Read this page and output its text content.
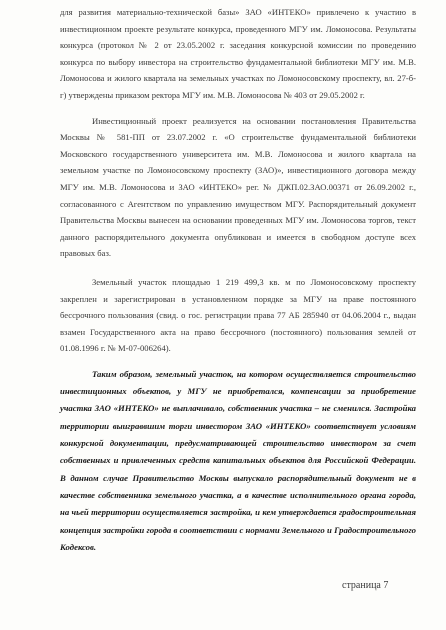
для развития материально-технической базы» ЗАО «ИНТЕКО» привлечено к участию в инвестиционном проекте результате конкурса, проведенного МГУ им. Ломоносова. Результаты конкурса (протокол № 2 от 23.05.2002 г. заседания конкурсной комиссии по проведению конкурса по выбору инвестора на строительство фундаментальной библиотеки МГУ им. М.В. Ломоносова и жилого квартала на земельных участках по Ломоносовскому проспекту, вл. 27-б-г) утверждены приказом ректора МГУ им. М.В. Ломоносова № 403 от 29.05.2002 г.

Инвестиционный проект реализуется на основании постановления Правительства Москвы № 581-ПП от 23.07.2002 г. «О строительстве фундаментальной библиотеки Московского государственного университета им. М.В. Ломоносова и жилого квартала на земельном участке по Ломоносовскому проспекту (ЗАО)», инвестиционного договора между МГУ им. М.В. Ломоносова и ЗАО «ИНТЕКО» рег. № ДЖП.02.ЗАО.00371 от 26.09.2002 г., согласованного с Агентством по управлению имуществом МГУ. Распорядительный документ Правительства Москвы вынесен на основании проведенных МГУ им. Ломоносова торгов, текст данного распорядительного документа опубликован и имеется в свободном доступе всех правовых баз.

Земельный участок площадью 1 219 499,3 кв. м по Ломоносовскому проспекту закреплен и зарегистрирован в установленном порядке за МГУ на праве постоянного бессрочного пользования (свид. о гос. регистрации права 77 АБ 285940 от 04.06.2004 г., выдан взамен Государственного акта на право бессрочного (постоянного) пользования землей от 01.08.1996 г. № М-07-006264).

Таким образом, земельный участок, на котором осуществляется строительство инвестиционных объектов, у МГУ не приобретался, компенсации за приобретение участка ЗАО «ИНТЕКО» не выплачивало, собственник участка – не сменился. Застройка территории выиграввшим торги инвестором ЗАО «ИНТЕКО» соответствует условиям конкурсной документации, предусматривающей строительство инвестором за счет собственных и привлеченных средств капитальных объектов для Российской Федерации. В данном случае Правительство Москвы выпускало распорядительный документ не в качестве собственника земельного участка, а в качестве исполнительного органа города, на чьей территории осуществляется застройка, и кем утверждается градостроительная концепция застройки города в соответствии с нормами Земельного и Градостроительного Кодексов.

страница 7
